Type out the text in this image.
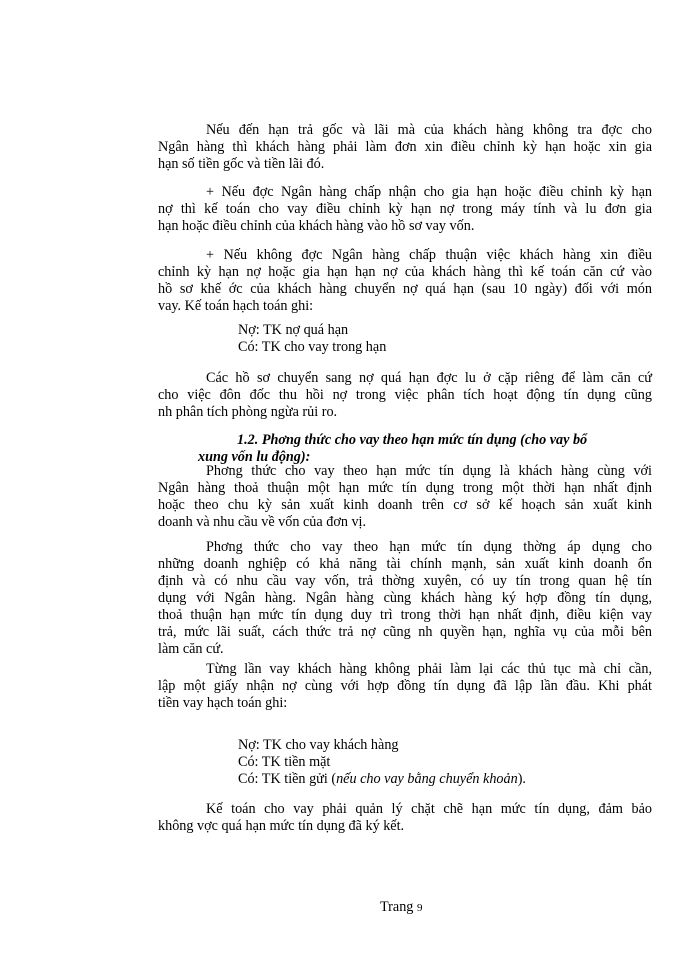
Nếu đến hạn trả gốc và lãi mà của khách hàng không tra đợc cho
Ngân hàng thì khách hàng phải làm đơn xin điều chỉnh kỳ hạn hoặc xin gia
hạn số tiền gốc và tiền lãi đó.
+ Nếu đợc Ngân hàng chấp nhận cho gia hạn hoặc điều chỉnh kỳ hạn
nợ thì kế toán cho vay điều chỉnh kỳ hạn nợ trong máy tính và lu đơn gia
hạn hoặc điều chỉnh của khách hàng vào hồ sơ vay vốn.
+ Nếu không đợc Ngân hàng chấp thuận việc khách hàng xin điều
chỉnh kỳ hạn nợ hoặc gia hạn hạn nợ của khách hàng thì kế toán căn cứ vào
hồ sơ khế ớc của khách hàng chuyển nợ quá hạn (sau 10 ngày) đối với món
vay. Kế toán hạch toán ghi:
Nợ: TK nợ quá hạn
Có: TK cho vay trong hạn
Các hồ sơ chuyển sang nợ quá hạn đợc lu ở cặp riêng để làm căn cứ
cho việc đôn đốc thu hồi nợ trong việc phân tích hoạt động tín dụng cũng
nh phân tích phòng ngừa rủi ro.
1.2. Phơng thức cho vay theo hạn mức tín dụng (cho vay bổ
xung vốn lu động):
Phơng thức cho vay theo hạn mức tín dụng là khách hàng cùng với
Ngân hàng thoả thuận một hạn mức tín dụng trong một thời hạn nhất định
hoặc theo chu kỳ sản xuất kinh doanh trên cơ sở kế hoạch sản xuất kinh
doanh và nhu cầu về vốn của đơn vị.
Phơng thức cho vay theo hạn mức tín dụng thờng áp dụng cho
những doanh nghiệp có khả năng tài chính mạnh, sản xuất kinh doanh ổn
định và có nhu cầu vay vốn, trả thờng xuyên, có uy tín trong quan hệ tín
dụng với Ngân hàng. Ngân hàng cùng khách hàng ký hợp đồng tín dụng,
thoả thuận hạn mức tín dụng duy trì trong thời hạn nhất định, điều kiện vay
trả, mức lãi suất, cách thức trả nợ cũng nh quyền hạn, nghĩa vụ của mỗi bên
làm căn cứ.
Từng lần vay khách hàng không phải làm lại các thủ tục mà chỉ cần,
lập một giấy nhận nợ cùng với hợp đồng tín dụng đã lập lần đầu. Khi phát
tiền vay hạch toán ghi:
Nợ: TK cho vay khách hàng
Có: TK tiền mặt
Có: TK tiền gửi (nếu cho vay bằng chuyển khoản).
Kế toán cho vay phải quản lý chặt chẽ hạn mức tín dụng, đảm bảo
không vợc quá hạn mức tín dụng đã ký kết.
Trang 9
